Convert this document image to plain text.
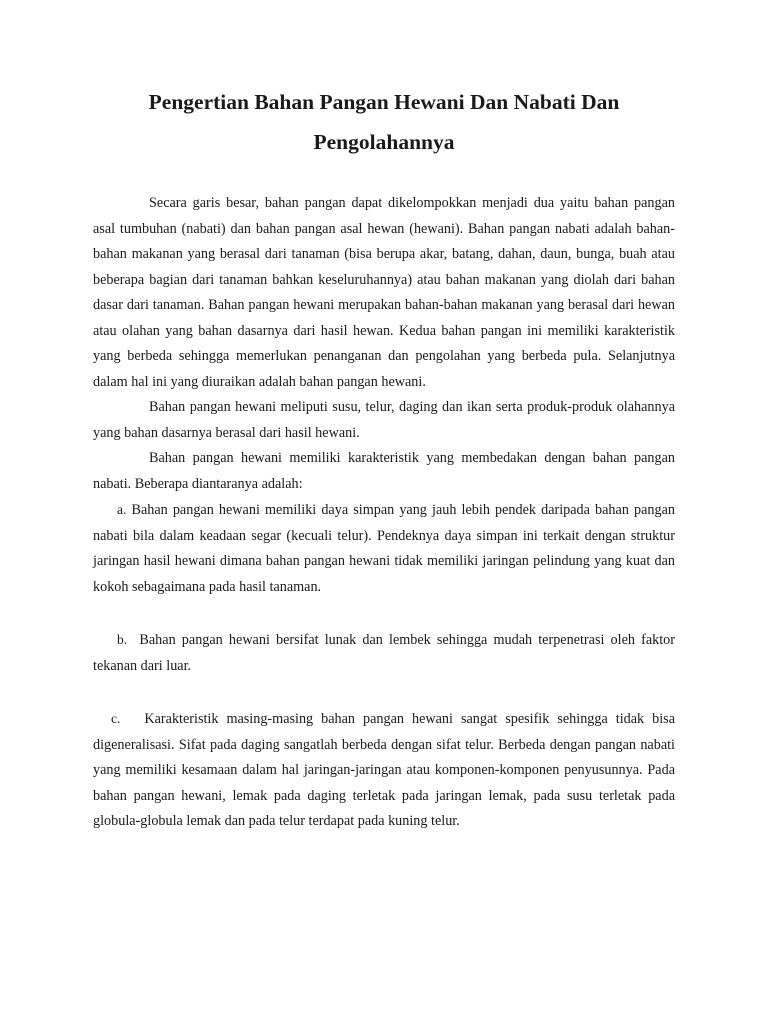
Pengertian Bahan Pangan Hewani Dan Nabati Dan
Pengolahannya

Secara garis besar, bahan pangan dapat dikelompokkan menjadi dua yaitu bahan pangan asal tumbuhan (nabati) dan bahan pangan asal hewan (hewani). Bahan pangan nabati adalah bahan-bahan makanan yang berasal dari tanaman (bisa berupa akar, batang, dahan, daun, bunga, buah atau beberapa bagian dari tanaman bahkan keseluruhannya) atau bahan makanan yang diolah dari bahan dasar dari tanaman. Bahan pangan hewani merupakan bahan-bahan makanan yang berasal dari hewan atau olahan yang bahan dasarnya dari hasil hewan. Kedua bahan pangan ini memiliki karakteristik yang berbeda sehingga memerlukan penanganan dan pengolahan yang berbeda pula. Selanjutnya dalam hal ini yang diuraikan adalah bahan pangan hewani.

Bahan pangan hewani meliputi susu, telur, daging dan ikan serta produk-produk olahannya yang bahan dasarnya berasal dari hasil hewani.

Bahan pangan hewani memiliki karakteristik yang membedakan dengan bahan pangan nabati. Beberapa diantaranya adalah:

a. Bahan pangan hewani memiliki daya simpan yang jauh lebih pendek daripada bahan pangan nabati bila dalam keadaan segar (kecuali telur). Pendeknya daya simpan ini terkait dengan struktur jaringan hasil hewani dimana bahan pangan hewani tidak memiliki jaringan pelindung yang kuat dan kokoh sebagaimana pada hasil tanaman.

b. Bahan pangan hewani bersifat lunak dan lembek sehingga mudah terpenetrasi oleh faktor tekanan dari luar.

c. Karakteristik masing-masing bahan pangan hewani sangat spesifik sehingga tidak bisa digeneralisasi. Sifat pada daging sangatlah berbeda dengan sifat telur. Berbeda dengan pangan nabati yang memiliki kesamaan dalam hal jaringan-jaringan atau komponen-komponen penyusunnya. Pada bahan pangan hewani, lemak pada daging terletak pada jaringan lemak, pada susu terletak pada globula-globula lemak dan pada telur terdapat pada kuning telur.
